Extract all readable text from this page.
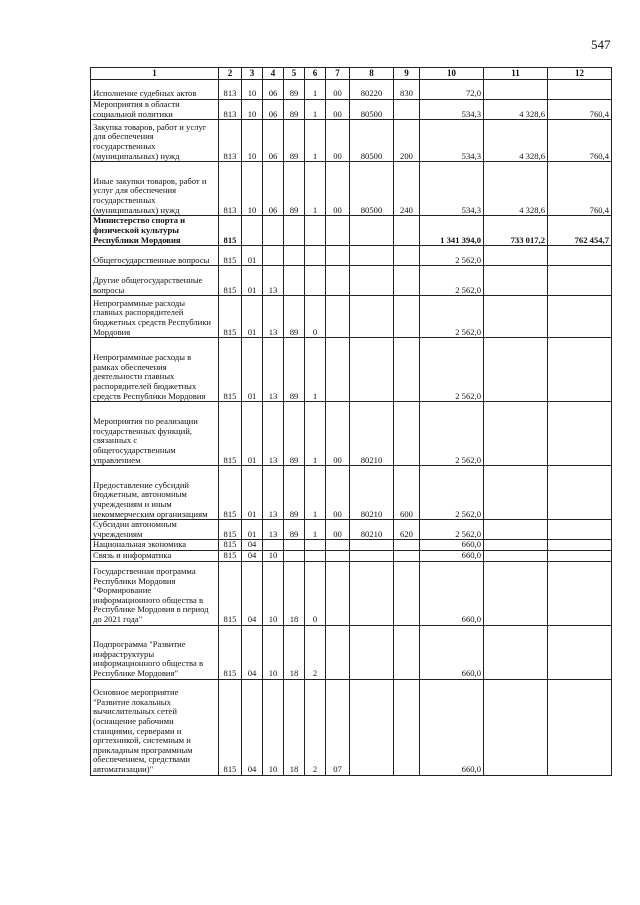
547
1	2	3	4	5	6	7	8	9	10	11	12
Исполнение судебных актов	813	10	06	89	1	00	80220	830	72,0		
Мероприятия в области социальной политики	813	10	06	89	1	00	80500		534,3	4 328,6	760,4
Закупка товаров, работ и услуг для обеспечения государственных (муниципальных) нужд	813	10	06	89	1	00	80500	200	534,3	4 328,6	760,4
Иные закупки товаров, работ и услуг для обеспечения государственных (муниципальных) нужд	813	10	06	89	1	00	80500	240	534,3	4 328,6	760,4
Министерство спорта и физической культуры Республики Мордовия	815								1 341 394,0	733 017,2	762 454,7
Общегосударственные вопросы	815	01							2 562,0		
Другие общегосударственные вопросы	815	01	13						2 562,0		
Непрограммные расходы главных распорядителей бюджетных средств Республики Мордовия	815	01	13	89	0				2 562,0		
Непрограммные расходы в рамках обеспечения деятельности главных распорядителей бюджетных средств Республики Мордовия	815	01	13	89	1				2 562,0		
Мероприятия по реализации государственных функций, связанных с общегосударственным управлением	815	01	13	89	1	00	80210		2 562,0		
Предоставление субсидий бюджетным, автономным учреждениям и иным некоммерческим организациям	815	01	13	89	1	00	80210	600	2 562,0		
Субсидии автономным учреждениям	815	01	13	89	1	00	80210	620	2 562,0		
Национальная экономика	815	04							660,0		
Связь и информатика	815	04	10						660,0		
Государственная программа Республики Мордовия "Формирование информационного общества в Республике Мордовия в период до 2021 года"	815	04	10	18	0				660,0		
Подпрограмма "Развитие инфраструктуры информационного общества в Республике Мордовия"	815	04	10	18	2				660,0		
Основное мероприятие "Развитие локальных вычислительных сетей (оснащение рабочими станциями, серверами и оргтехникой, системным и прикладным программным обеспечением, средствами автоматизации)"	815	04	10	18	2	07			660,0		
